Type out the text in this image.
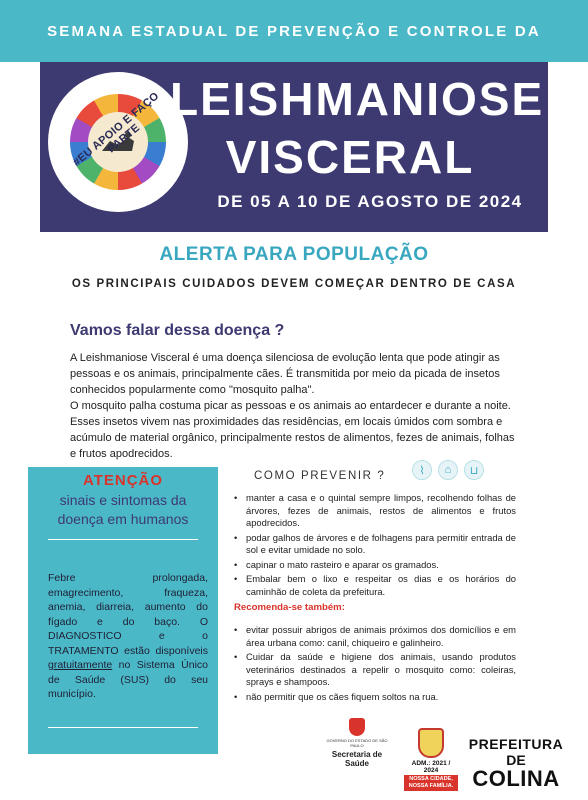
SEMANA ESTADUAL DE PREVENÇÃO E CONTROLE DA
#EU APOIO E FAÇO PARTE
LEISHMANIOSE
VISCERAL
DE 05 A 10 DE AGOSTO DE 2024
ALERTA PARA POPULAÇÃO
OS PRINCIPAIS CUIDADOS DEVEM COMEÇAR DENTRO DE CASA
Vamos falar dessa doença ?

A Leishmaniose Visceral é uma doença silenciosa de evolução lenta que pode atingir as pessoas e os animais, principalmente cães. É transmitida por meio da picada de insetos conhecidos popularmente como "mosquito palha".

O mosquito palha costuma picar as pessoas e os animais ao entardecer e durante a noite. Esses insetos vivem nas proximidades das residências, em locais úmidos com sombra e acúmulo de material orgânico, principalmente restos de alimentos, fezes de animais, folhas e frutos apodrecidos.

ATENÇÃO
sinais e sintomas da
doença em humanos
Febre prolongada, emagrecimento, fraqueza, anemia, diarreia, aumento do fígado e do baço. O DIAGNOSTICO e o TRATAMENTO estão disponíveis gratuitamente no Sistema Único de Saúde (SUS) do seu município.
COMO PREVENIR ?	⌇	⌂	⊔
• manter a casa e o quintal sempre limpos, recolhendo folhas de árvores, fezes de animais, restos de alimentos e frutos apodrecidos.
• podar galhos de árvores e de folhagens para permitir entrada de sol e evitar umidade no solo.
• capinar o mato rasteiro e aparar os gramados.
• Embalar bem o lixo e respeitar os dias e os horários do caminhão de coleta da prefeitura.
Recomenda-se também:
• evitar possuir abrigos de animais próximos dos domicílios e em área urbana como: canil, chiqueiro e galinheiro.
• Cuidar da saúde e higiene dos animais, usando produtos veterinários destinados a repelir o mosquito como: coleiras, sprays e shampoos.
• não permitir que os cães fiquem soltos na rua.
GOVERNO DO ESTADO DE SÃO PAULO
Secretaria de Saúde	ADM.: 2021 / 2024
NOSSA CIDADE,
NOSSA FAMÍLIA.
PREFEITURA
DE
COLINA
